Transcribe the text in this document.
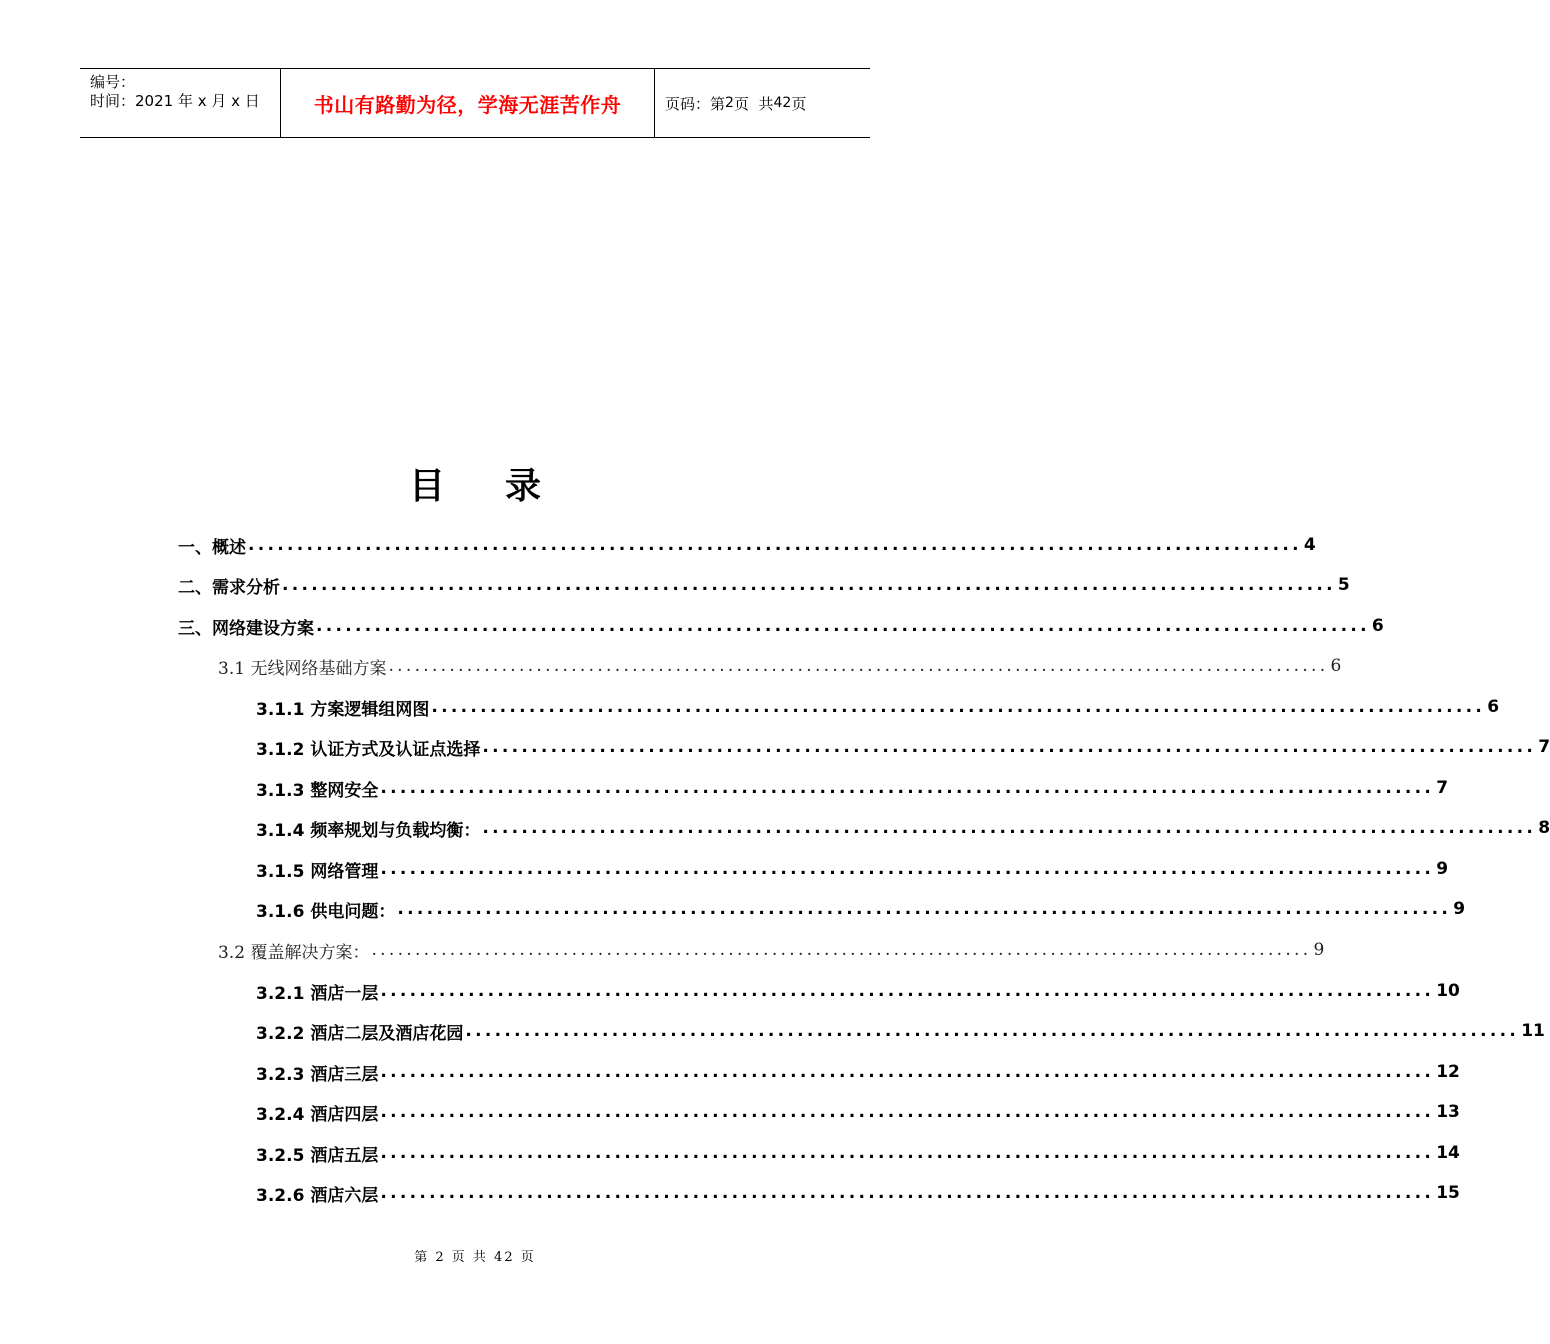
编号：
时间：2021 年 x 月 x 日	书山有路勤为径，学海无涯苦作舟	页码：第 2 页  共 42 页
目录
一、概述 ............................................................................................................ 4
二、需求分析 ............................................................................................................ 5
三、网络建设方案 ............................................................................................................ 6
3.1 无线网络基础方案 ............................................................................................................ 6
3.1.1 方案逻辑组网图 ............................................................................................................ 6
3.1.2 认证方式及认证点选择 ............................................................................................................ 7
3.1.3 整网安全 ............................................................................................................ 7
3.1.4 频率规划与负载均衡： ............................................................................................................ 8
3.1.5 网络管理 ............................................................................................................ 9
3.1.6 供电问题： ............................................................................................................ 9
3.2 覆盖解决方案： ............................................................................................................ 9
3.2.1 酒店一层 ............................................................................................................ 10
3.2.2 酒店二层及酒店花园 ............................................................................................................ 11
3.2.3 酒店三层 ............................................................................................................ 12
3.2.4 酒店四层 ............................................................................................................ 13
3.2.5 酒店五层 ............................................................................................................ 14
3.2.6 酒店六层 ............................................................................................................ 15
第 2 页 共 42 页
